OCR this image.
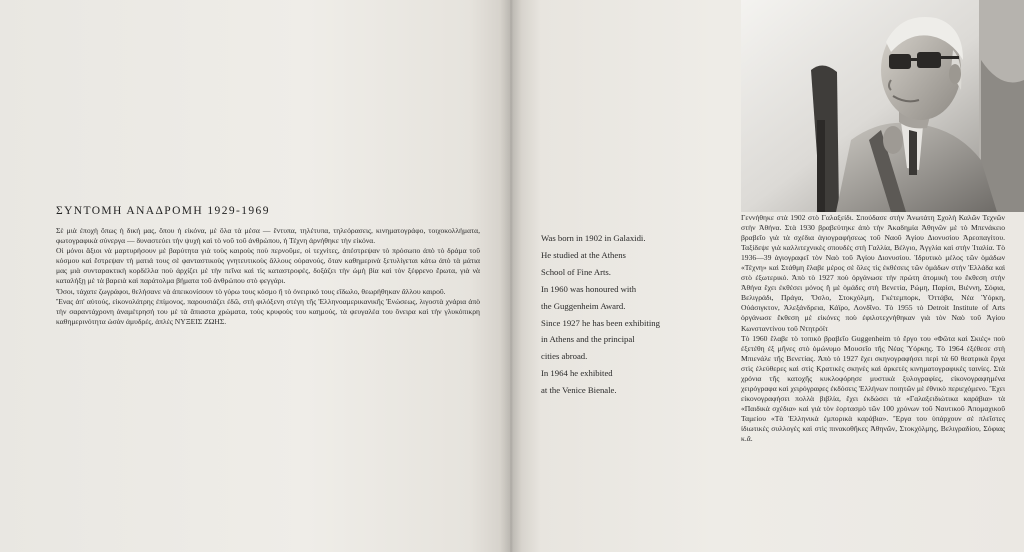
ΣΥΝΤΟΜΗ ΑΝΑΔΡΟΜΗ 1929-1969

Σὲ μιὰ ἐποχὴ ὅπως ἡ δική μας, ὅπου ἡ εἰκόνα, μὲ ὅλα τὰ μέσα — ἔντυπα, τηλέτυπα, τηλεόρασεις, κινηματογράφο, τοιχοκολλήματα, φωτογραφικὰ σύνεργα — δυναστεύει τὴν ψυχὴ καὶ τὸ νοῦ τοῦ ἀνθρώπου, ἡ Τέχνη ἀρνήθηκε τὴν εἰκόνα.

Οἱ μόνοι ἄξιοι νὰ μαρτυρήσουν μὲ βαρύτητα γιὰ τοὺς καιροὺς ποὺ περνοῦμε, οἱ τεχνίτες, ἀπέστρεψαν τὸ πρόσωπο ἀπὸ τὸ δράμα τοῦ κόσμου καὶ ἔστρεψαν τὴ ματιά τους σὲ φανταστικοὺς γνητευτικοὺς ἄλλους οὐρανούς, ὅταν καθημερινὰ ξετυλίγεται κάτω ἀπὸ τὰ μάτια μας μιὰ συνταρακτικὴ κορδέλλα ποὺ ἀρχίζει μὲ τὴν πεῖνα καὶ τὶς καταστροφές, δοξάζει τὴν ὠμὴ βία καὶ τὸν ξέφρενο ἔρωτα, γιὰ νὰ καταλήξῃ μὲ τὰ βαρειὰ καὶ παράτολμα βήματα τοῦ ἀνθρώπου στὸ φεγγάρι.

Ὅσοι, τάχατε ζωγράφοι, θελήσανε νὰ ἀπεικονίσουν τὸ γύρω τους κόσμο ἢ τὸ ὀνειρικό τους εἴδωλο, θεωρήθηκαν ἄλλου καιροῦ.

Ἕνας ἀπ' αὐτούς, εἰκονολάτρης ἐπίμονος, παρουσιάζει ἐδῶ, στὴ φιλόξενη στέγη τῆς Ἑλληνοαμερικανικῆς Ἑνώσεως, λιγοστὰ χνάρια ἀπὸ τὴν σαραντάχρονη ἀναμέτρησή του μὲ τὰ ἄπιαστα χρώματα, τοὺς κρυφοὺς του καημούς, τὰ φευγαλέα του ὄνειρα καὶ τὴν γλυκόπικρη καθημερινότητα ὡσὰν ἀμυδρές, ἁπλὲς ΝΥΞΕΙΣ ΖΩΗΣ.

Was born in 1902 in Galaxidi.
He studied at the Athens
School of Fine Arts.
In 1960 was honoured with
the Guggenheim Award.
Since 1927 he has been exhibiting
in Athens and the principal
cities abroad.
In 1964 he exhibited
at the Venice Bienale.

Γεννήθηκε στὰ 1902 στὸ Γαλαξείδι. Σπούδασε στὴν Ἀνωτάτη Σχολὴ Καλῶν Τεχνῶν στὴν Ἀθήνα. Στὰ 1930 βραβεύτηκε ἀπὸ τὴν Ἀκαδημία Ἀθηνῶν μὲ τὸ Μπενάκειο βραβεῖο γιὰ τὰ σχέδια ἁγιογραφήσεως τοῦ Ναοῦ Ἁγίου Διονυσίου Ἀρεοπαγίτου. Ταξίδεψε γιὰ καλλιτεχνικὲς σπουδὲς στὴ Γαλλία, Βέλγιο, Ἀγγλία καὶ στὴν Ἰταλία. Τὸ 1936—39 ἁγιογραφεῖ τὸν Ναὸ τοῦ Ἁγίου Διονυσίου. Ἱδρυτικὸ μέλος τῶν ὁμάδων «Τέχνη» καὶ Στάθμη ἔλαβε μέρος σὲ ὅλες τὶς ἐκθέσεις τῶν ὁμάδων στὴν Ἑλλάδα καὶ στὸ ἐξωτερικό. Ἀπὸ τὸ 1927 ποὺ ὀργάνωσε τὴν πρώτη ἀτομικὴ του ἔκθεση στὴν Ἀθήνα ἔχει ἐκθέσει μόνος ἢ μὲ ὁμάδες στὴ Βενετία, Ρώμη, Παρίσι, Βιέννη, Σόφια, Βελιγράδι, Πράγα, Ὄσλο, Στοκχόλμη, Γκέτεμπορκ, Ὀττάβα, Νέα Ὑόρκη, Οὐάσιγκτον, Ἀλεξάνδρεια, Κάϊρο, Λονδῖνο. Τὸ 1955 τὸ Detroit Institute of Arts ὀργάνωσε ἔκθεση μὲ εἰκόνες ποὺ ἐφιλοτεχνήθηκαν γιὰ τὸν Ναὸ τοῦ Ἁγίου Κωνσταντίνου τοῦ Ντητρόϊτ

Τὸ 1960 ἔλαβε τὸ τοπικὸ βραβεῖο Guggenheim τὸ ἔργο του «Φῶτα καὶ Σκιές» ποὺ ἐξετέθη ἐξ μῆνες στὸ ὁμώνυμο Μουσεῖο τῆς Νέας Ὑόρκης. Τὸ 1964 ἐξέθεσε στὴ Μπιενάλε τῆς Βενετίας. Ἀπὸ τὸ 1927 ἔχει σκηνογραφήσει περὶ τὰ 60 θεατρικὰ ἔργα στὶς ἐλεύθερες καὶ στὶς Κρατικὲς σκηνὲς καὶ ἀρκετὲς κινηματογραφικὲς ταινίες. Στὰ χρόνια τῆς κατοχῆς κυκλοφόρησε μυστικὰ ξυλογραφίες, εἰκονογραφημένα χειρόγραφα καὶ χειρόγραφες ἐκδόσεις Ἑλλήνων ποιητῶν μὲ ἐθνικὸ περιεχόμενο. Ἔχει εἰκονογραφήσει πολλὰ βιβλία, ἔχει ἐκδώσει τὰ «Γαλαξειδιώτικα καράβια» τὰ «Παιδικὰ σχέδια» καὶ γιὰ τὸν ἑορτασμὸ τῶν 100 χρόνων τοῦ Ναυτικοῦ Ἀπομαχικοῦ Ταμείου «Τὰ Ἑλληνικὰ ἐμπορικὰ καράβια». Ἔργα του ὑπάρχουν σὲ πλεῖστες ἰδιωτικὲς συλλογὲς καὶ στὶς πινακοθῆκες Ἀθηνῶν, Στοκχόλμης, Βελιγραδίου, Σόφιας κ.ἄ.
